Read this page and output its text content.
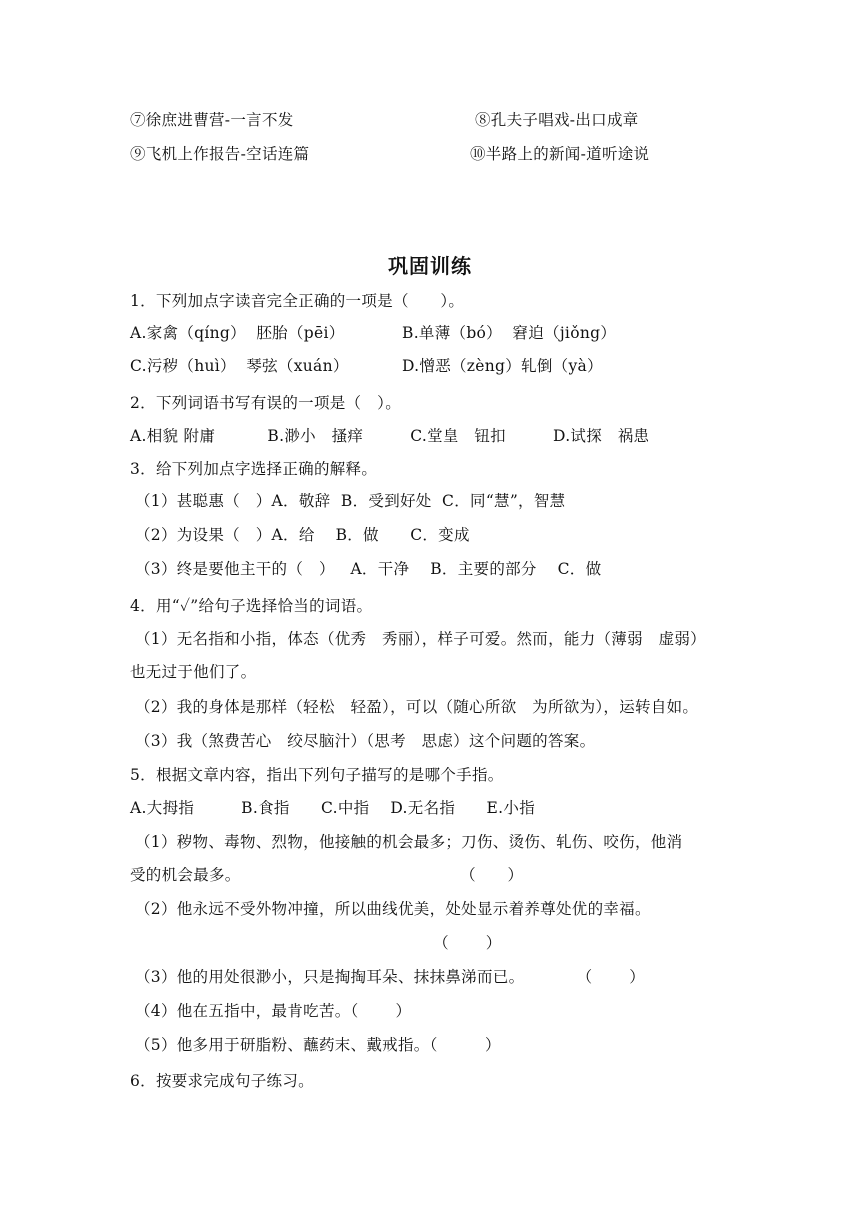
⑦徐庶进曹营-一言不发	⑧孔夫子唱戏-出口成章
⑨飞机上作报告-空话连篇	⑩半路上的新闻-道听途说
巩固训练
1．下列加点字读音完全正确的一项是（　　）。
A.家禽（qíng）  胚胎（pēi）	B.单薄（bó）  窘迫（jiǒng）
C.污秽（huì）  琴弦（xuán）	D.憎恶（zèng）轧倒（yà）
2．下列词语书写有误的一项是（　）。
A.相貌 附庸          B.渺小   搔痒         C.堂皇   钮扣         D.试探   祸患
3．给下列加点字选择正确的解释。
（1）甚聪惠（　）A．敬辞  B．受到好处  C．同“慧”，智慧
（2）为设果（　）A．给    B．做      C．变成
（3）终是要他主干的（　）   A．干净    B．主要的部分    C．做
4．用“✓”给句子选择恰当的词语。
（1）无名指和小指，体态（优秀   秀丽），样子可爱。然而，能力（薄弱   虚弱）
也无过于他们了。
（2）我的身体是那样（轻松   轻盈），可以（随心所欲   为所欲为），运转自如。
（3）我（煞费苦心   绞尽脑汁）（思考   思虑）这个问题的答案。
5．根据文章内容，指出下列句子描写的是哪个手指。
A.大拇指         B.食指      C.中指    D.无名指      E.小指
（1）秽物、毒物、烈物，他接触的机会最多；刀伤、烫伤、轧伤、咬伤，他消
受的机会最多。                                          （　　）
（2）他永远不受外物冲撞，所以曲线优美，处处显示着养尊处优的幸福。
（　　 ）
（3）他的用处很渺小，只是掏掏耳朵、抹抹鼻涕而已。          （　　 ）
（4）他在五指中，最肯吃苦。（　　 ）
（5）他多用于研脂粉、蘸药末、戴戒指。（　　　）
6．按要求完成句子练习。
